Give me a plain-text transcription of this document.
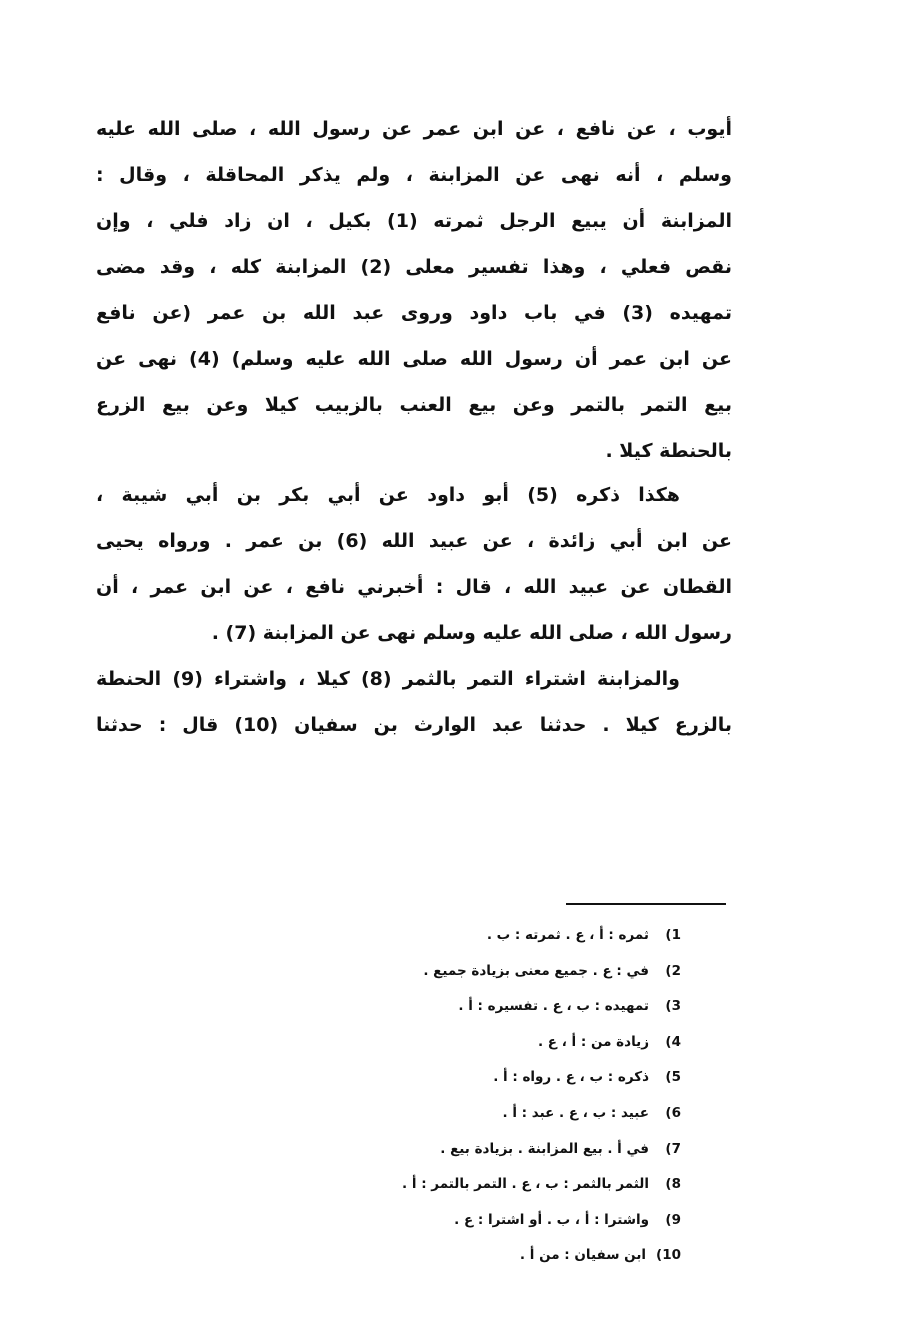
أيوب ، عن نافع ، عن ابن عمر عن رسول الله ، صلى الله عليه
وسلم ، أنه نهى عن المزابنة ، ولم يذكر المحاقلة ، وقال :
المزابنة أن يبيع الرجل ثمرته (1) بكيل ، ان زاد فلي ، وإن
نقص فعلي ، وهذا تفسير معلى (2) المزابنة كله ، وقد مضى
تمهيده (3) في باب داود وروى عبد الله بن عمر (عن نافع
عن ابن عمر أن رسول الله صلى الله عليه وسلم) (4) نهى عن
بيع التمر بالتمر وعن بيع العنب بالزبيب كيلا وعن بيع الزرع
بالحنطة كيلا .
هكذا ذكره (5) أبو داود عن أبي بكر بن أبي شيبة ،
عن ابن أبي زائدة ، عن عبيد الله (6) بن عمر . ورواه يحيى
القطان عن عبيد الله ، قال : أخبرني نافع ، عن ابن عمر ، أن
رسول الله ، صلى الله عليه وسلم نهى عن المزابنة (7) .
والمزابنة اشتراء التمر بالثمر (8) كيلا ، واشتراء (9) الحنطة
بالزرع كيلا . حدثنا عبد الوارث بن سفيان (10) قال : حدثنا
1)ثمره : أ ، ع . ثمرته : ب .
2)في : ع . جميع معنى بزيادة جميع .
3)تمهيده : ب ، ع . تفسيره : أ .
4)زيادة من : أ ، ع .
5)ذكره : ب ، ع . رواه : أ .
6)عبيد : ب ، ع . عبد : أ .
7)في أ . بيع المزابنة . بزيادة بيع .
8)الثمر بالثمر : ب ، ع . التمر بالتمر : أ .
9)واشترا : أ ، ب . أو اشترا : ع .
10)ابن سفيان : من أ .
